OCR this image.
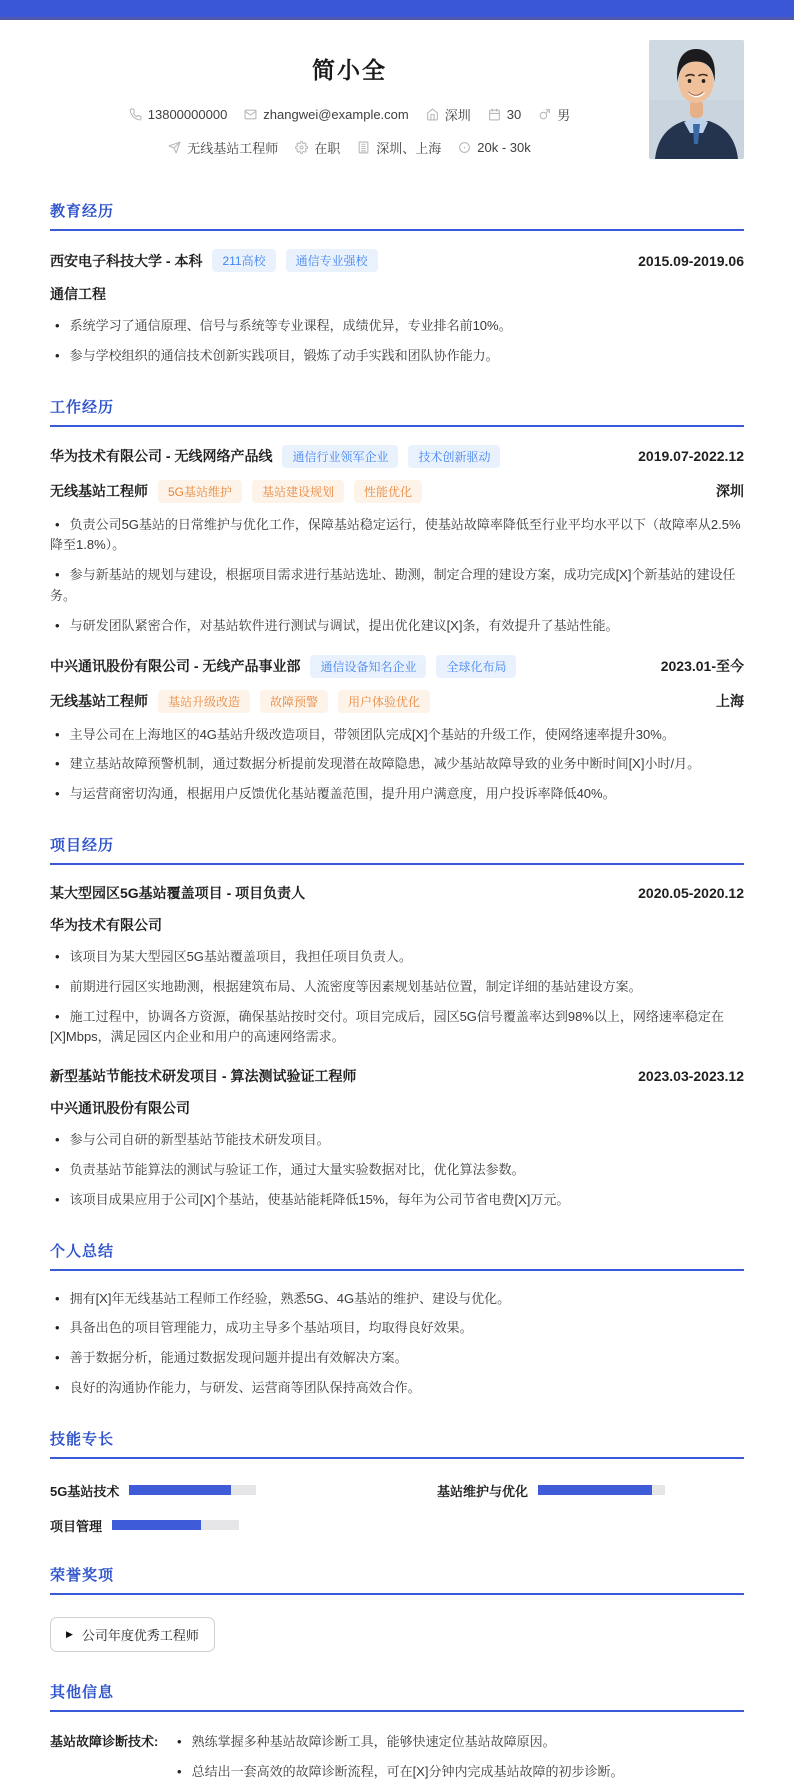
简小全
13800000000	zhangwei@example.com	深圳	30	男
无线基站工程师	在职	深圳、上海	20k - 30k
教育经历
西安电子科技大学 - 本科	211高校	通信专业强校	2015.09-2019.06
通信工程
• 系统学习了通信原理、信号与系统等专业课程，成绩优异，专业排名前10%。
• 参与学校组织的通信技术创新实践项目，锻炼了动手实践和团队协作能力。
工作经历
华为技术有限公司 - 无线网络产品线	通信行业领军企业	技术创新驱动	2019.07-2022.12
无线基站工程师	5G基站维护	基站建设规划	性能优化	深圳
• 负责公司5G基站的日常维护与优化工作，保障基站稳定运行，使基站故障率降低至行业平均水平以下（故障率从2.5%降至1.8%）。
• 参与新基站的规划与建设，根据项目需求进行基站选址、勘测，制定合理的建设方案，成功完成[X]个新基站的建设任务。
• 与研发团队紧密合作，对基站软件进行测试与调试，提出优化建议[X]条，有效提升了基站性能。
中兴通讯股份有限公司 - 无线产品事业部	通信设备知名企业	全球化布局	2023.01-至今
无线基站工程师	基站升级改造	故障预警	用户体验优化	上海
• 主导公司在上海地区的4G基站升级改造项目，带领团队完成[X]个基站的升级工作，使网络速率提升30%。
• 建立基站故障预警机制，通过数据分析提前发现潜在故障隐患，减少基站故障导致的业务中断时间[X]小时/月。
• 与运营商密切沟通，根据用户反馈优化基站覆盖范围，提升用户满意度，用户投诉率降低40%。
项目经历
某大型园区5G基站覆盖项目 - 项目负责人	2020.05-2020.12
华为技术有限公司
• 该项目为某大型园区5G基站覆盖项目，我担任项目负责人。
• 前期进行园区实地勘测，根据建筑布局、人流密度等因素规划基站位置，制定详细的基站建设方案。
• 施工过程中，协调各方资源，确保基站按时交付。项目完成后，园区5G信号覆盖率达到98%以上，网络速率稳定在[X]Mbps，满足园区内企业和用户的高速网络需求。
新型基站节能技术研发项目 - 算法测试验证工程师	2023.03-2023.12
中兴通讯股份有限公司
• 参与公司自研的新型基站节能技术研发项目。
• 负责基站节能算法的测试与验证工作，通过大量实验数据对比，优化算法参数。
• 该项目成果应用于公司[X]个基站，使基站能耗降低15%，每年为公司节省电费[X]万元。
个人总结
• 拥有[X]年无线基站工程师工作经验，熟悉5G、4G基站的维护、建设与优化。
• 具备出色的项目管理能力，成功主导多个基站项目，均取得良好效果。
• 善于数据分析，能通过数据发现问题并提出有效解决方案。
• 良好的沟通协作能力，与研发、运营商等团队保持高效合作。
技能专长
5G基站技术	基站维护与优化
项目管理
荣誉奖项
▶ 公司年度优秀工程师
其他信息
基站故障诊断技术:	• 熟练掌握多种基站故障诊断工具，能够快速定位基站故障原因。
• 总结出一套高效的故障诊断流程，可在[X]分钟内完成基站故障的初步诊断。
